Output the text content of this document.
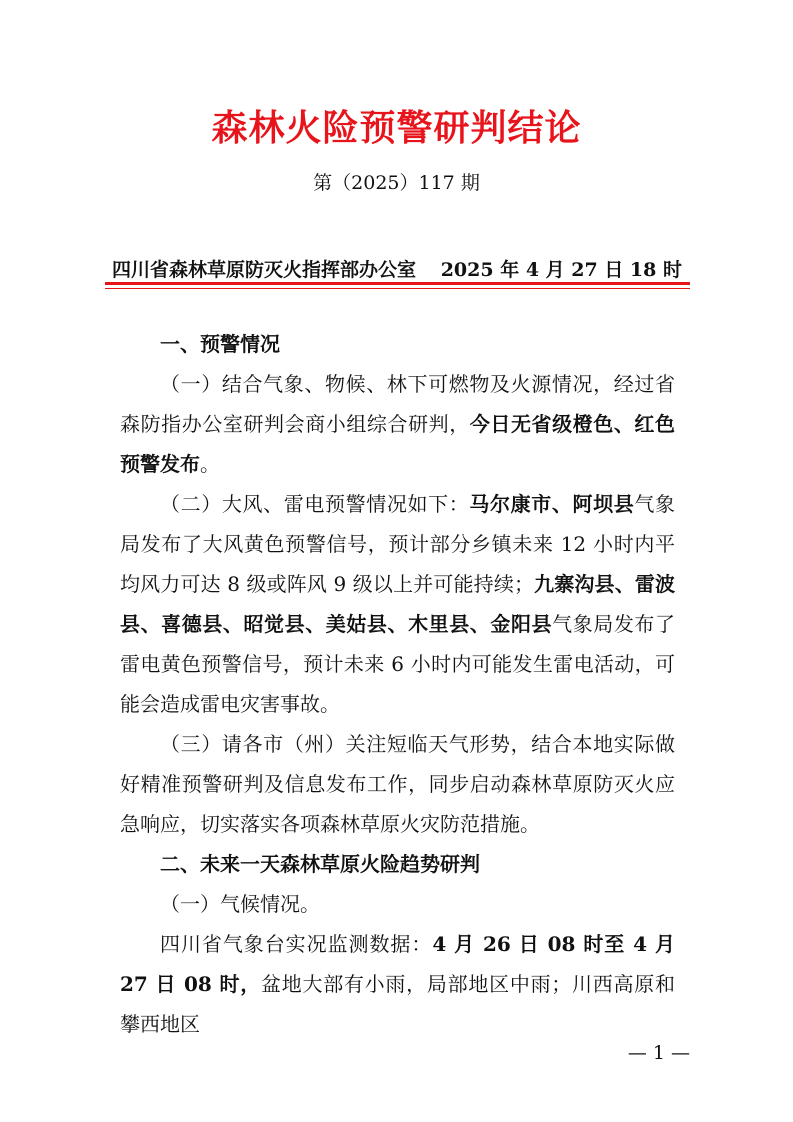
森林火险预警研判结论
第（2025）117 期
四川省森林草原防灭火指挥部办公室 2025 年 4 月 27 日 18 时

一、预警情况

（一）结合气象、物候、林下可燃物及火源情况，经过省森防指办公室研判会商小组综合研判，今日无省级橙色、红色预警发布。

（二）大风、雷电预警情况如下：马尔康市、阿坝县气象局发布了大风黄色预警信号，预计部分乡镇未来 12 小时内平均风力可达 8 级或阵风 9 级以上并可能持续；九寨沟县、雷波县、喜德县、昭觉县、美姑县、木里县、金阳县气象局发布了雷电黄色预警信号，预计未来 6 小时内可能发生雷电活动，可能会造成雷电灾害事故。

（三）请各市（州）关注短临天气形势，结合本地实际做好精准预警研判及信息发布工作，同步启动森林草原防灭火应急响应，切实落实各项森林草原火灾防范措施。

二、未来一天森林草原火险趋势研判

（一）气候情况。

四川省气象台实况监测数据：4 月 26 日 08 时至 4 月 27 日 08 时，盆地大部有小雨，局部地区中雨；川西高原和攀西地区

— 1 —
